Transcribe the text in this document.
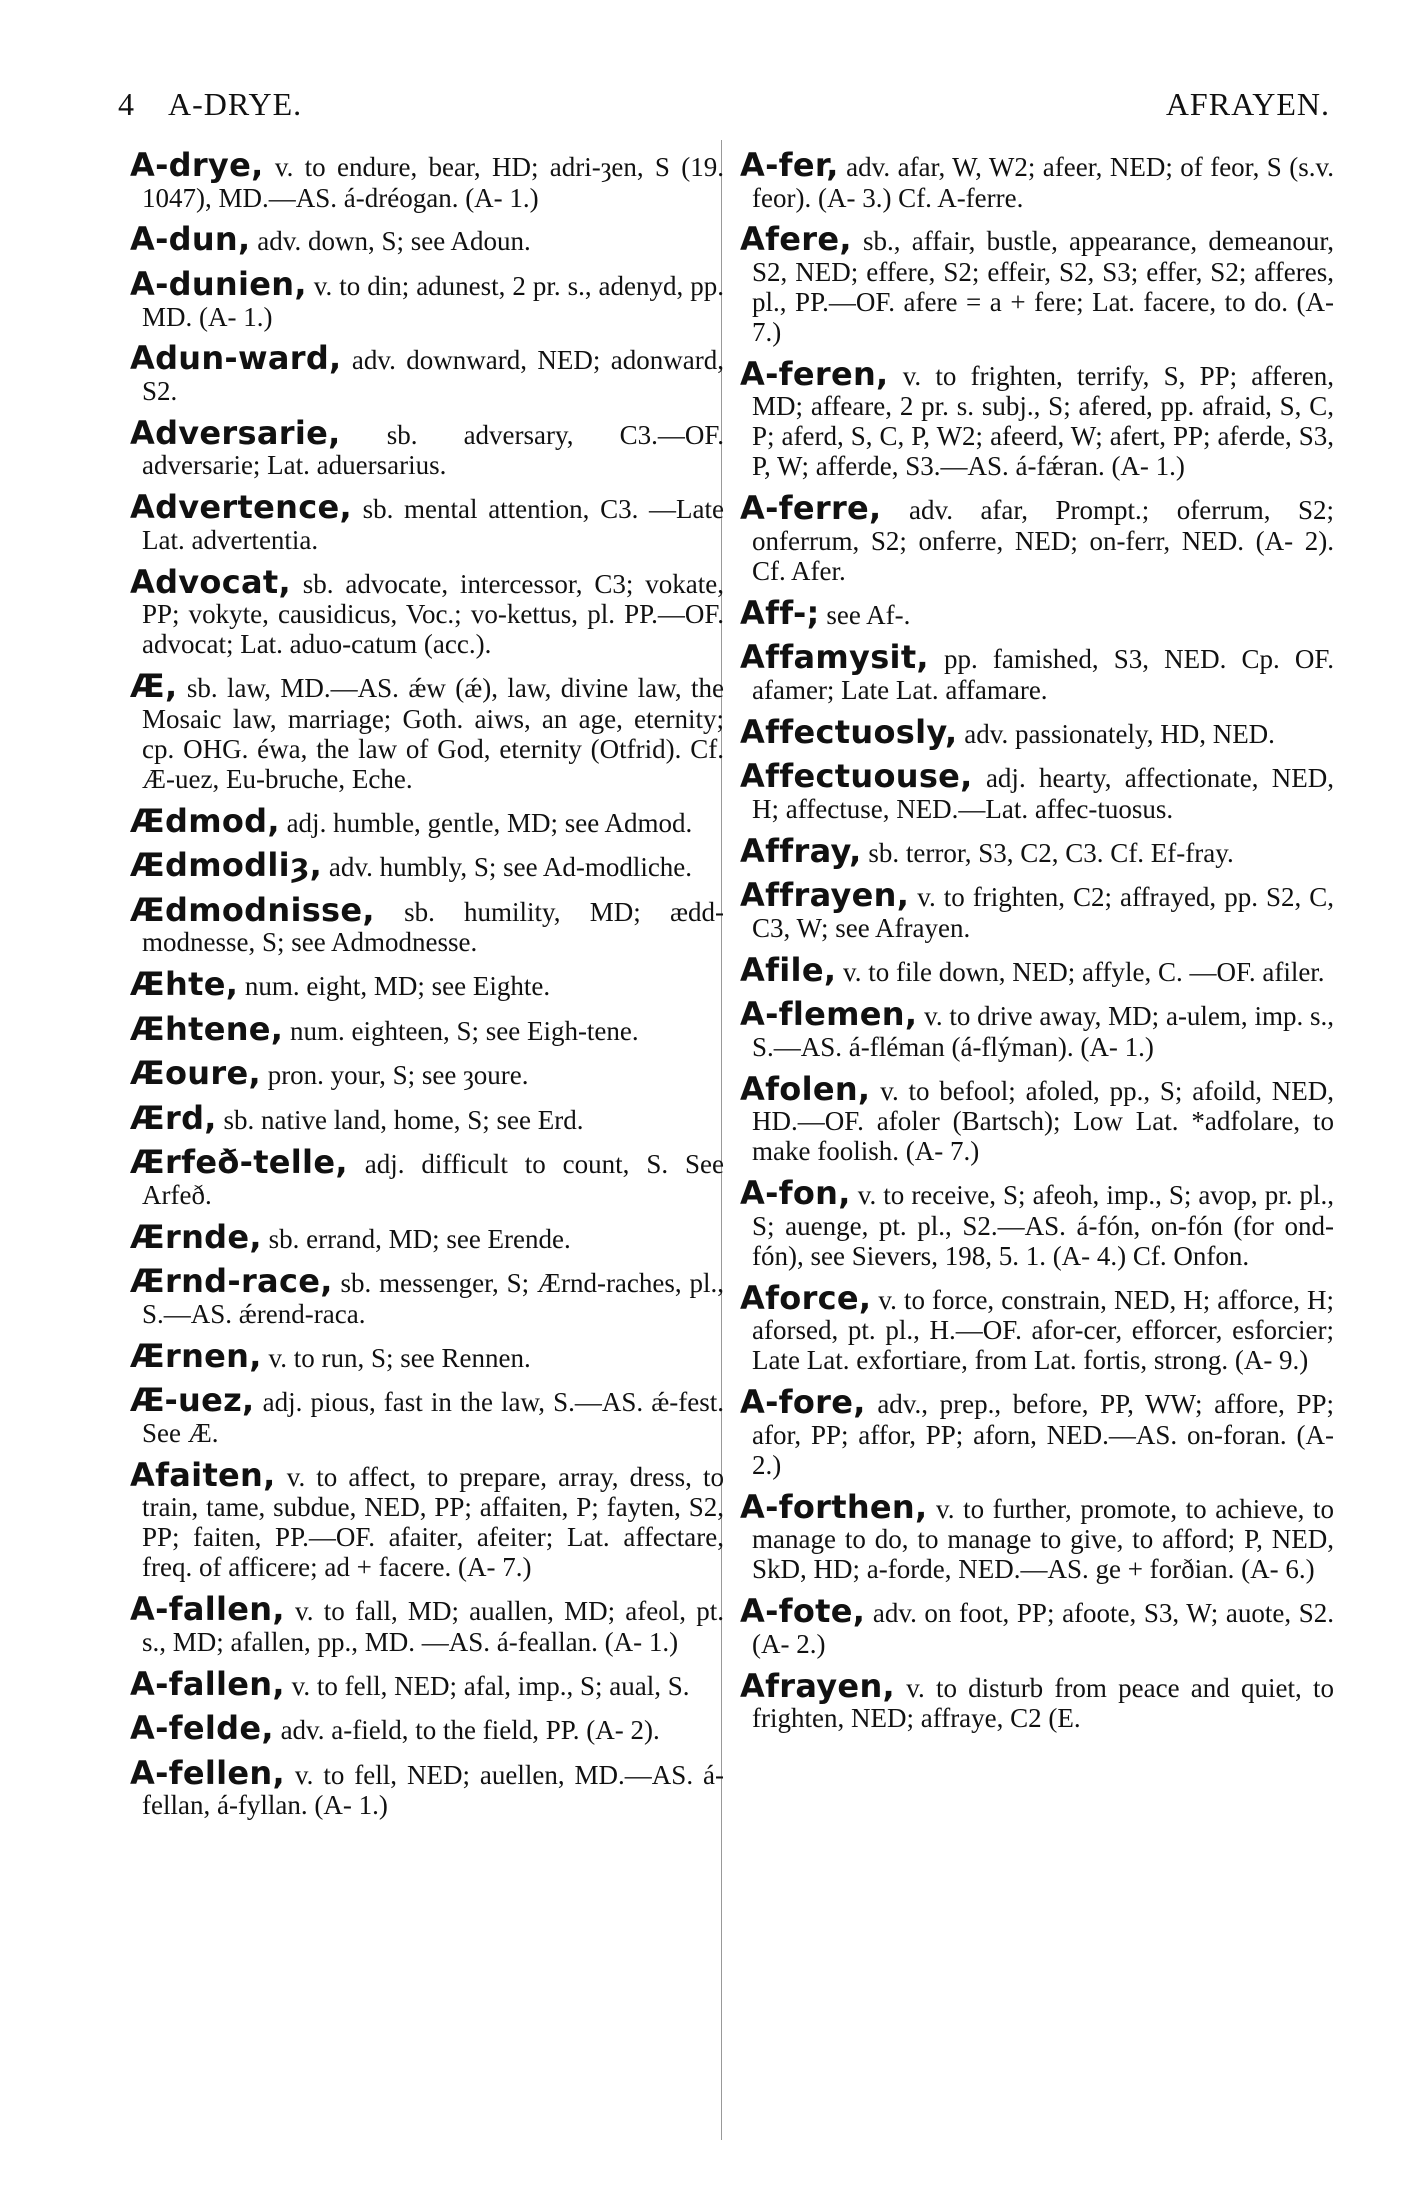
4 A-DRYE.	AFRAYEN.

A-drye, v. to endure, bear, HD; adri-ȝen, S (19. 1047), MD.—AS. á-dréogan. (A- 1.)

A-dun, adv. down, S; see Adoun.

A-dunien, v. to din; adunest, 2 pr. s., adenyd, pp. MD. (A- 1.)

Adun-ward, adv. downward, NED; adonward, S2.

Adversarie, sb. adversary, C3.—OF. adversarie; Lat. aduersarius.

Advertence, sb. mental attention, C3. —Late Lat. advertentia.

Advocat, sb. advocate, intercessor, C3; vokate, PP; vokyte, causidicus, Voc.; vo-kettus, pl. PP.—OF. advocat; Lat. aduo-catum (acc.).

Æ, sb. law, MD.—AS. ǽw (ǽ), law, divine law, the Mosaic law, marriage; Goth. aiws, an age, eternity; cp. OHG. éwa, the law of God, eternity (Otfrid). Cf. Æ-uez, Eu-bruche, Eche.

Ædmod, adj. humble, gentle, MD; see Admod.

Ædmodliȝ, adv. humbly, S; see Ad-modliche.

Ædmodnisse, sb. humility, MD; ædd-modnesse, S; see Admodnesse.

Æhte, num. eight, MD; see Eighte.

Æhtene, num. eighteen, S; see Eigh-tene.

Æoure, pron. your, S; see ȝoure.

Ærd, sb. native land, home, S; see Erd.

Ærfeð-telle, adj. difficult to count, S. See Arfeð.

Ærnde, sb. errand, MD; see Erende.

Ærnd-race, sb. messenger, S; Ærnd-raches, pl., S.—AS. ǽrend-raca.

Ærnen, v. to run, S; see Rennen.

Æ-uez, adj. pious, fast in the law, S.—AS. ǽ-fest. See Æ.

Afaiten, v. to affect, to prepare, array, dress, to train, tame, subdue, NED, PP; affaiten, P; fayten, S2, PP; faiten, PP.—OF. afaiter, afeiter; Lat. affectare, freq. of afficere; ad + facere. (A- 7.)

A-fallen, v. to fall, MD; auallen, MD; afeol, pt. s., MD; afallen, pp., MD. —AS. á-feallan. (A- 1.)

A-fallen, v. to fell, NED; afal, imp., S; aual, S.

A-felde, adv. a-field, to the field, PP. (A- 2).

A-fellen, v. to fell, NED; auellen, MD.—AS. á-fellan, á-fyllan. (A- 1.)

A-fer, adv. afar, W, W2; afeer, NED; of feor, S (s.v. feor). (A- 3.) Cf. A-ferre.

Afere, sb., affair, bustle, appearance, demeanour, S2, NED; effere, S2; effeir, S2, S3; effer, S2; afferes, pl., PP.—OF. afere = a + fere; Lat. facere, to do. (A- 7.)

A-feren, v. to frighten, terrify, S, PP; afferen, MD; affeare, 2 pr. s. subj., S; afered, pp. afraid, S, C, P; aferd, S, C, P, W2; afeerd, W; afert, PP; aferde, S3, P, W; afferde, S3.—AS. á-fǽran. (A- 1.)

A-ferre, adv. afar, Prompt.; oferrum, S2; onferrum, S2; onferre, NED; on-ferr, NED. (A- 2). Cf. Afer.

Aff-; see Af-.

Affamysit, pp. famished, S3, NED. Cp. OF. afamer; Late Lat. affamare.

Affectuosly, adv. passionately, HD, NED.

Affectuouse, adj. hearty, affectionate, NED, H; affectuse, NED.—Lat. affec-tuosus.

Affray, sb. terror, S3, C2, C3. Cf. Ef-fray.

Affrayen, v. to frighten, C2; affrayed, pp. S2, C, C3, W; see Afrayen.

Afile, v. to file down, NED; affyle, C. —OF. afiler.

A-flemen, v. to drive away, MD; a-ulem, imp. s., S.—AS. á-fléman (á-flýman). (A- 1.)

Afolen, v. to befool; afoled, pp., S; afoild, NED, HD.—OF. afoler (Bartsch); Low Lat. *adfolare, to make foolish. (A- 7.)

A-fon, v. to receive, S; afeoh, imp., S; avop, pr. pl., S; auenge, pt. pl., S2.—AS. á-fón, on-fón (for ond-fón), see Sievers, 198, 5. 1. (A- 4.) Cf. Onfon.

Aforce, v. to force, constrain, NED, H; afforce, H; aforsed, pt. pl., H.—OF. afor-cer, efforcer, esforcier; Late Lat. exfortiare, from Lat. fortis, strong. (A- 9.)

A-fore, adv., prep., before, PP, WW; affore, PP; afor, PP; affor, PP; aforn, NED.—AS. on-foran. (A- 2.)

A-forthen, v. to further, promote, to achieve, to manage to do, to manage to give, to afford; P, NED, SkD, HD; a-forde, NED.—AS. ge + forðian. (A- 6.)

A-fote, adv. on foot, PP; afoote, S3, W; auote, S2. (A- 2.)

Afrayen, v. to disturb from peace and quiet, to frighten, NED; affraye, C2 (E.
